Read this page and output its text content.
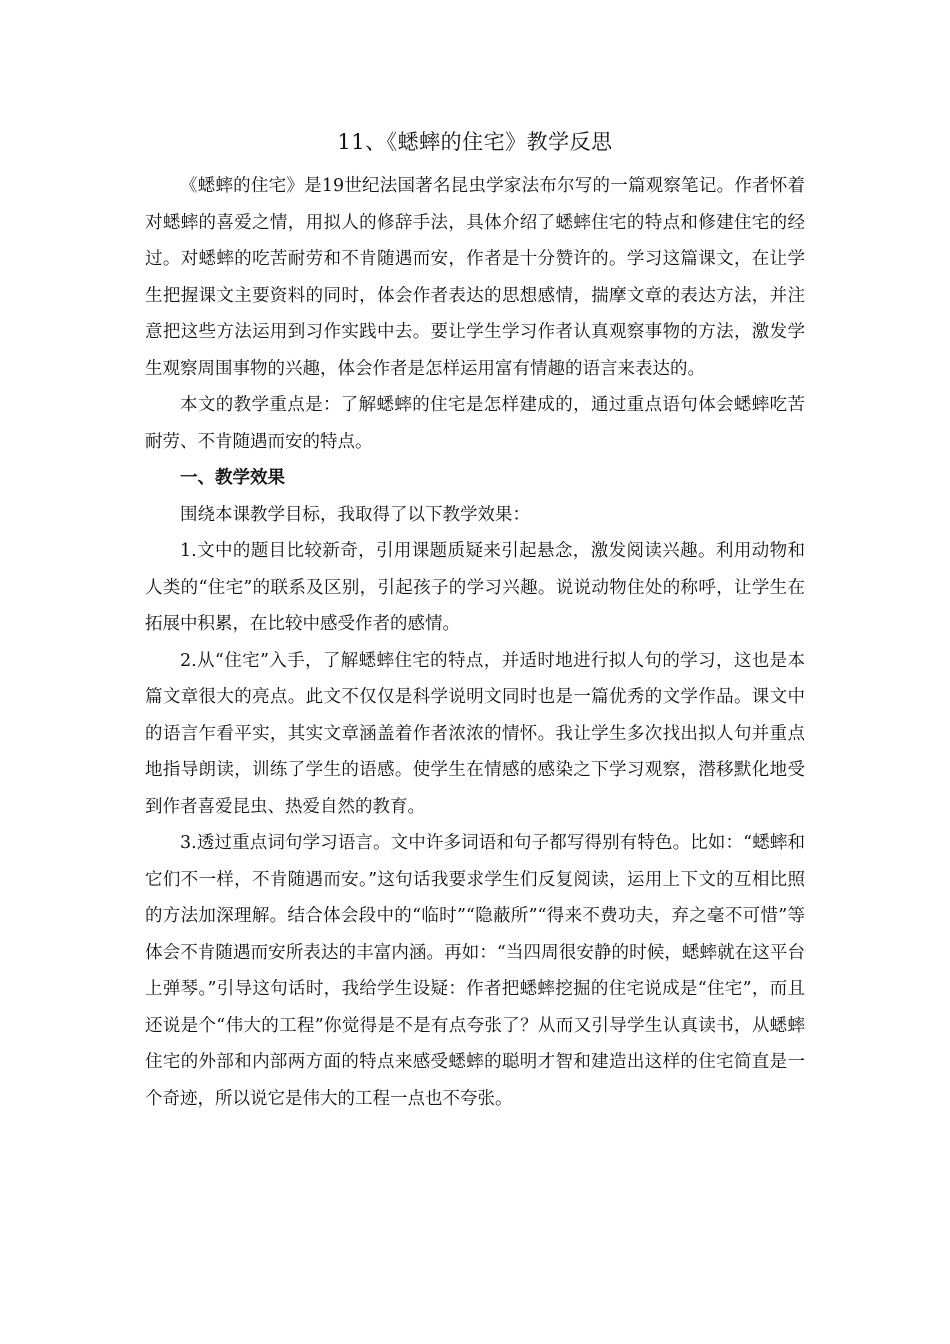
11、《蟋蟀的住宅》教学反思

《蟋蟀的住宅》是19世纪法国著名昆虫学家法布尔写的一篇观察笔记。作者怀着对蟋蟀的喜爱之情，用拟人的修辞手法，具体介绍了蟋蟀住宅的特点和修建住宅的经过。对蟋蟀的吃苦耐劳和不肯随遇而安，作者是十分赞许的。学习这篇课文，在让学生把握课文主要资料的同时，体会作者表达的思想感情，揣摩文章的表达方法，并注意把这些方法运用到习作实践中去。要让学生学习作者认真观察事物的方法，激发学生观察周围事物的兴趣，体会作者是怎样运用富有情趣的语言来表达的。

本文的教学重点是：了解蟋蟀的住宅是怎样建成的，通过重点语句体会蟋蟀吃苦耐劳、不肯随遇而安的特点。

一、教学效果

围绕本课教学目标，我取得了以下教学效果：

1.文中的题目比较新奇，引用课题质疑来引起悬念，激发阅读兴趣。利用动物和人类的“住宅”的联系及区别，引起孩子的学习兴趣。说说动物住处的称呼，让学生在拓展中积累，在比较中感受作者的感情。

2.从“住宅”入手，了解蟋蟀住宅的特点，并适时地进行拟人句的学习，这也是本篇文章很大的亮点。此文不仅仅是科学说明文同时也是一篇优秀的文学作品。课文中的语言乍看平实，其实文章涵盖着作者浓浓的情怀。我让学生多次找出拟人句并重点地指导朗读，训练了学生的语感。使学生在情感的感染之下学习观察，潜移默化地受到作者喜爱昆虫、热爱自然的教育。

3.透过重点词句学习语言。文中许多词语和句子都写得别有特色。比如：“蟋蟀和它们不一样，不肯随遇而安。”这句话我要求学生们反复阅读，运用上下文的互相比照的方法加深理解。结合体会段中的“临时”“隐蔽所”“得来不费功夫，弃之毫不可惜”等体会不肯随遇而安所表达的丰富内涵。再如：“当四周很安静的时候，蟋蟀就在这平台上弹琴。”引导这句话时，我给学生设疑：作者把蟋蟀挖掘的住宅说成是“住宅”，而且还说是个“伟大的工程”你觉得是不是有点夸张了？从而又引导学生认真读书，从蟋蟀住宅的外部和内部两方面的特点来感受蟋蟀的聪明才智和建造出这样的住宅简直是一个奇迹，所以说它是伟大的工程一点也不夸张。
